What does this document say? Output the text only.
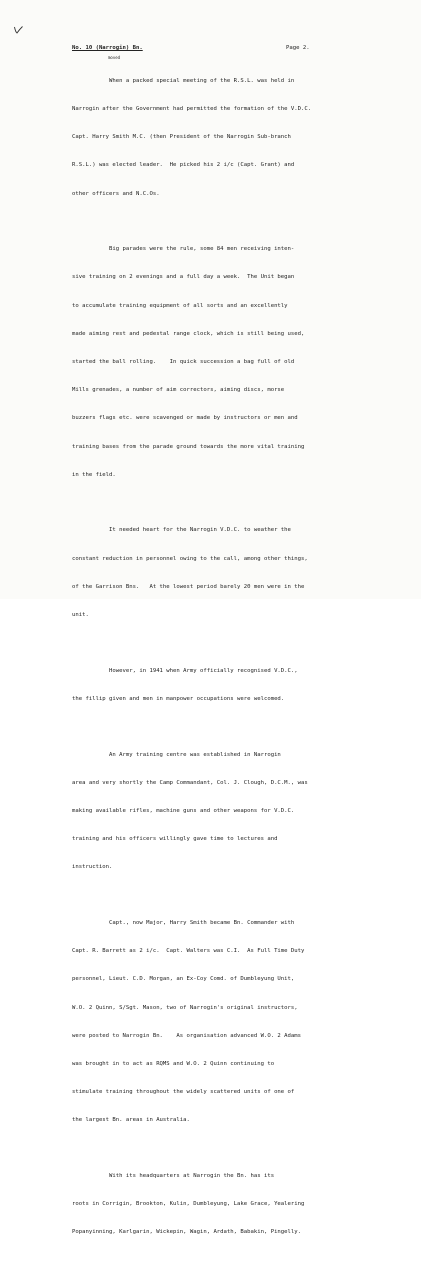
No. 10 (Narrogin) Bn.	Page 2.

When a packed special meeting of the R.S.L. was held in

Narrogin after the Government had permitted the formation of the V.D.C.

Capt. Harry Smith M.C. (then President of the Narrogin Sub-branch

R.S.L.) was elected leader.  He picked his 2 i/c (Capt. Grant) and

other officers and N.C.Os.

Big parades were the rule, some 84 men receiving inten-

sive training on 2 evenings and a full day a week.  The Unit began

to accumulate training equipment of all sorts and an excellently

made aiming rest and pedestal range clock, which is still being used,

started the ball rolling.    In quick succession a bag full of old

Mills grenades, a number of aim correctors, aiming discs, morse

buzzers flags etc. were scavenged or made by instructors or men and

moved
training bases from the parade ground towards the more vital training

in the field.

It needed heart for the Narrogin V.D.C. to weather the

constant reduction in personnel owing to the call, among other things,

of the Garrison Bns.   At the lowest period barely 20 men were in the

unit.

However, in 1941 when Army officially recognised V.D.C.,

the fillip given and men in manpower occupations were welcomed.

An Army training centre was established in Narrogin

area and very shortly the Camp Commandant, Col. J. Clough, D.C.M., was

making available rifles, machine guns and other weapons for V.D.C.

training and his officers willingly gave time to lectures and

instruction.

Capt., now Major, Harry Smith became Bn. Commander with

Capt. R. Barrett as 2 i/c.  Capt. Walters was C.I.  As Full Time Duty

personnel, Lieut. C.D. Morgan, an Ex-Coy Comd. of Dumbleyung Unit,

W.O. 2 Quinn, S/Sgt. Mason, two of Narrogin's original instructors,

were posted to Narrogin Bn.    As organisation advanced W.O. 2 Adams

was brought in to act as RQMS and W.O. 2 Quinn continuing to

stimulate training throughout the widely scattered units of one of

the largest Bn. areas in Australia.

With its headquarters at Narrogin the Bn. has its

roots in Corrigin, Brookton, Kulin, Dumbleyung, Lake Grace, Yealering

Popanyinning, Karlgarin, Wickepin, Wagin, Ardath, Babakin, Pingelly.
